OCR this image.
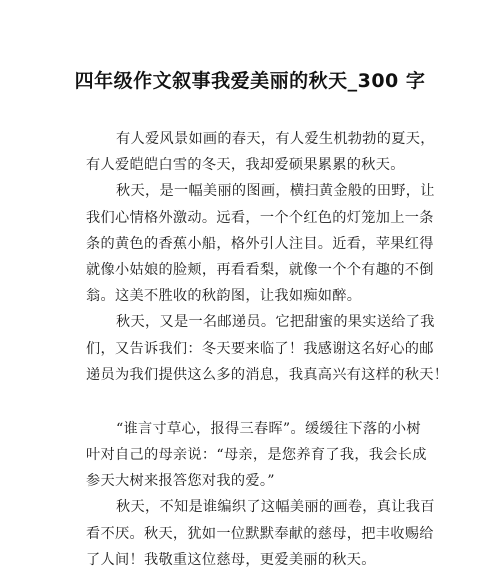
四年级作文叙事我爱美丽的秋天_300 字
有人爱风景如画的春天，有人爱生机勃勃的夏天，
有人爱皑皑白雪的冬天，我却爱硕果累累的秋天。
秋天，是一幅美丽的图画，横扫黄金般的田野，让
我们心情格外激动。远看，一个个红色的灯笼加上一条
条的黄色的香蕉小船，格外引人注目。近看，苹果红得
就像小姑娘的脸颊，再看看梨，就像一个个有趣的不倒
翁。这美不胜收的秋韵图，让我如痴如醉。
秋天，又是一名邮递员。它把甜蜜的果实送给了我
们，又告诉我们：冬天要来临了！我感谢这名好心的邮
递员为我们提供这么多的消息，我真高兴有这样的秋天！
“谁言寸草心，报得三春晖”。缓缓往下落的小树
叶对自己的母亲说：“母亲，是您养育了我，我会长成
参天大树来报答您对我的爱。”
秋天，不知是谁编织了这幅美丽的画卷，真让我百
看不厌。秋天，犹如一位默默奉献的慈母，把丰收赐给
了人间！我敬重这位慈母，更爱美丽的秋天。
